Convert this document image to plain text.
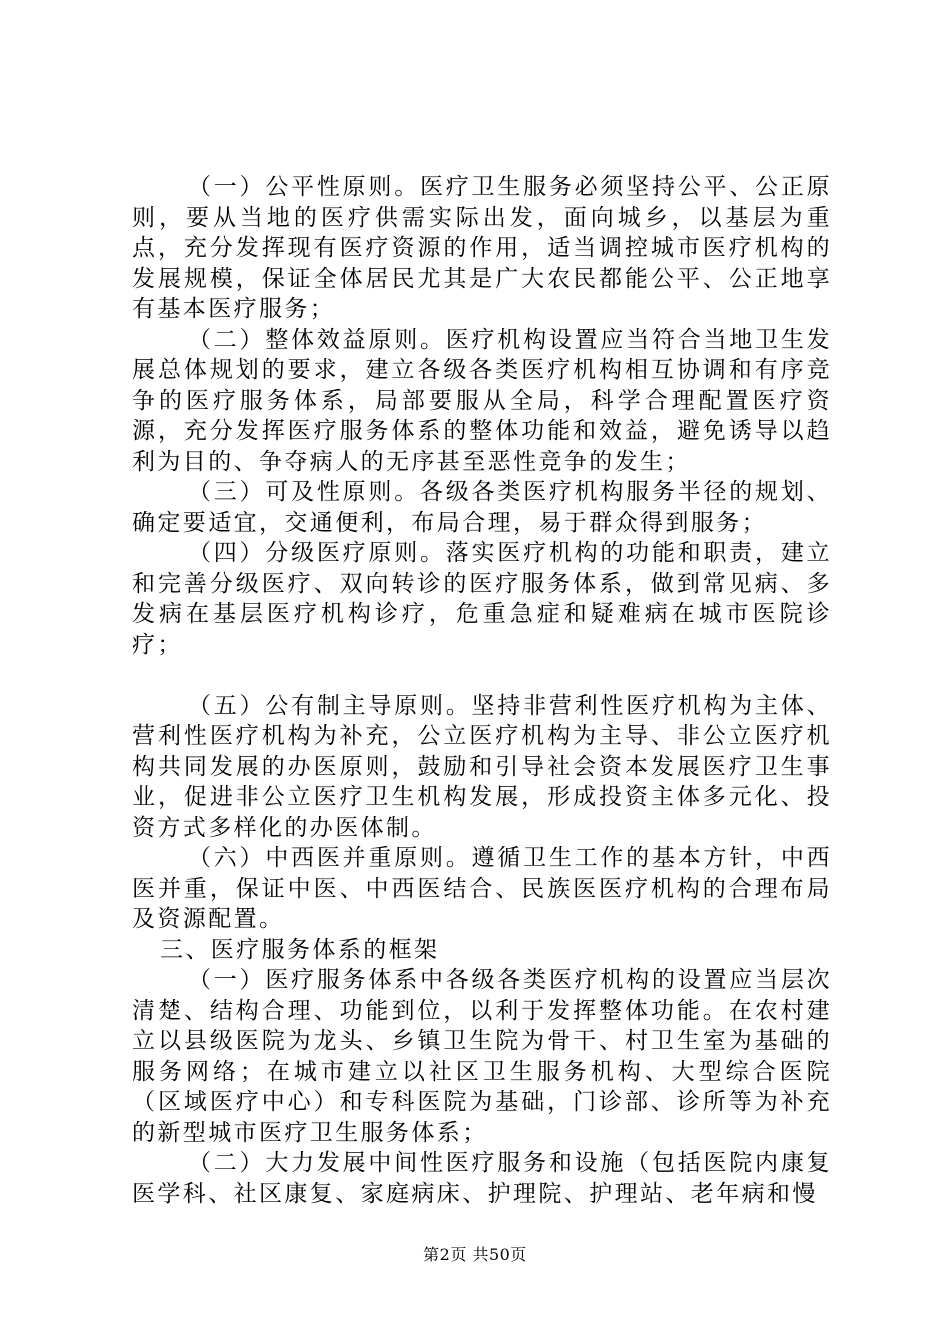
（一）公平性原则。医疗卫生服务必须坚持公平、公正原则，要从当地的医疗供需实际出发，面向城乡，以基层为重点，充分发挥现有医疗资源的作用，适当调控城市医疗机构的发展规模，保证全体居民尤其是广大农民都能公平、公正地享有基本医疗服务；

（二）整体效益原则。医疗机构设置应当符合当地卫生发展总体规划的要求，建立各级各类医疗机构相互协调和有序竞争的医疗服务体系，局部要服从全局，科学合理配置医疗资源，充分发挥医疗服务体系的整体功能和效益，避免诱导以趋利为目的、争夺病人的无序甚至恶性竞争的发生；

（三）可及性原则。各级各类医疗机构服务半径的规划、确定要适宜，交通便利，布局合理，易于群众得到服务；

（四）分级医疗原则。落实医疗机构的功能和职责，建立和完善分级医疗、双向转诊的医疗服务体系，做到常见病、多发病在基层医疗机构诊疗，危重急症和疑难病在城市医院诊疗；

（五）公有制主导原则。坚持非营利性医疗机构为主体、营利性医疗机构为补充，公立医疗机构为主导、非公立医疗机构共同发展的办医原则，鼓励和引导社会资本发展医疗卫生事业，促进非公立医疗卫生机构发展，形成投资主体多元化、投资方式多样化的办医体制。

（六）中西医并重原则。遵循卫生工作的基本方针，中西医并重，保证中医、中西医结合、民族医医疗机构的合理布局及资源配置。

三、医疗服务体系的框架

（一）医疗服务体系中各级各类医疗机构的设置应当层次清楚、结构合理、功能到位，以利于发挥整体功能。在农村建立以县级医院为龙头、乡镇卫生院为骨干、村卫生室为基础的服务网络；在城市建立以社区卫生服务机构、大型综合医院（区域医疗中心）和专科医院为基础，门诊部、诊所等为补充的新型城市医疗卫生服务体系；

（二）大力发展中间性医疗服务和设施（包括医院内康复医学科、社区康复、家庭病床、护理院、护理站、老年病和慢

第2页 共50页
